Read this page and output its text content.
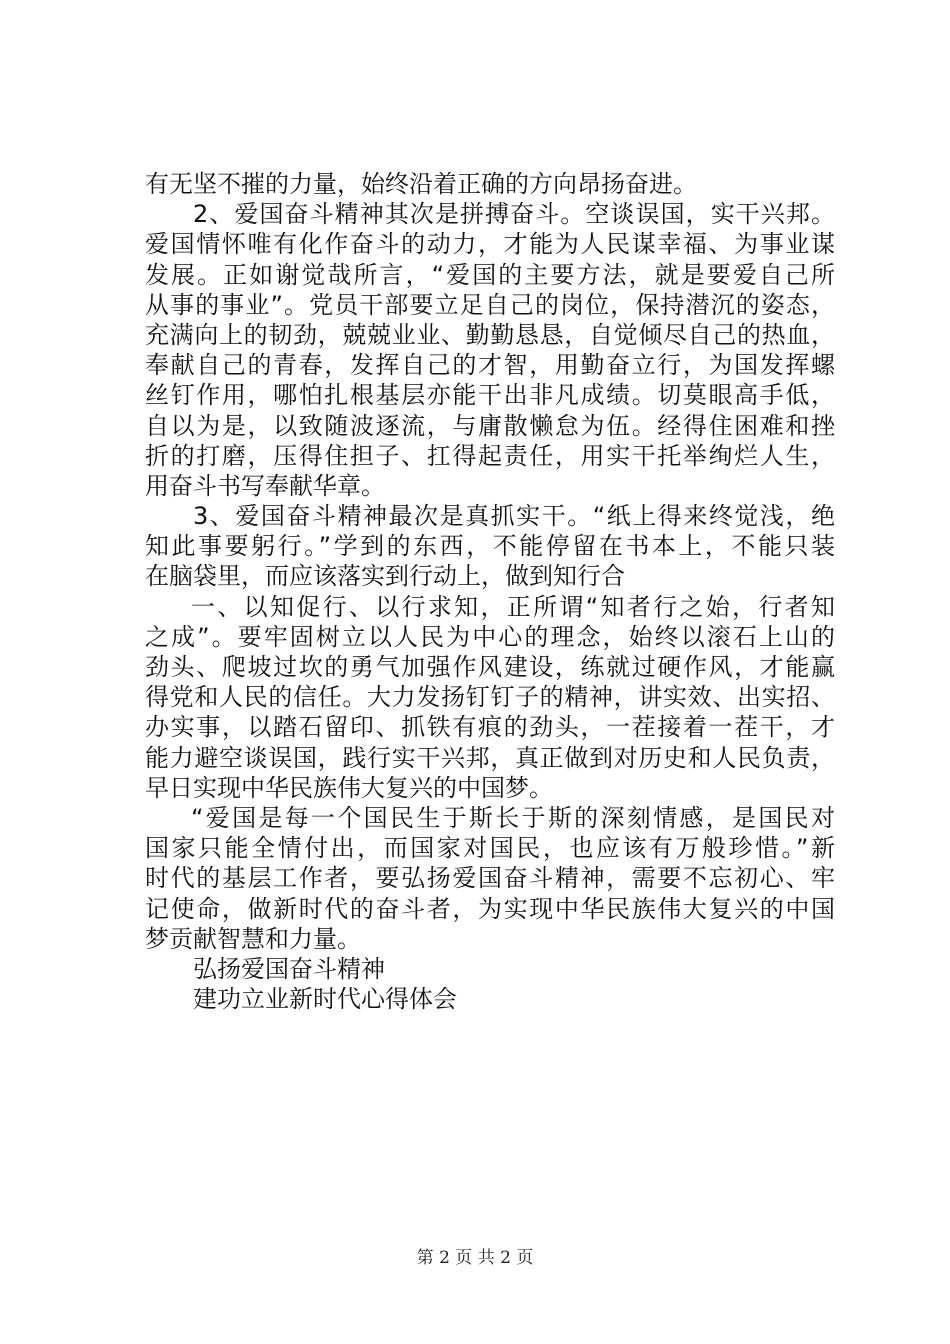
有无坚不摧的力量，始终沿着正确的方向昂扬奋进。
2、爱国奋斗精神其次是拼搏奋斗。空谈误国，实干兴邦。
爱国情怀唯有化作奋斗的动力，才能为人民谋幸福、为事业谋
发展。正如谢觉哉所言，“爱国的主要方法，就是要爱自己所
从事的事业”。党员干部要立足自己的岗位，保持潜沉的姿态，
充满向上的韧劲，兢兢业业、勤勤恳恳，自觉倾尽自己的热血，
奉献自己的青春，发挥自己的才智，用勤奋立行，为国发挥螺
丝钉作用，哪怕扎根基层亦能干出非凡成绩。切莫眼高手低，
自以为是，以致随波逐流，与庸散懒怠为伍。经得住困难和挫
折的打磨，压得住担子、扛得起责任，用实干托举绚烂人生，
用奋斗书写奉献华章。
3、爱国奋斗精神最次是真抓实干。“纸上得来终觉浅，绝
知此事要躬行。”学到的东西，不能停留在书本上，不能只装
在脑袋里，而应该落实到行动上，做到知行合
一、以知促行、以行求知，正所谓“知者行之始，行者知
之成”。要牢固树立以人民为中心的理念，始终以滚石上山的
劲头、爬坡过坎的勇气加强作风建设，练就过硬作风，才能赢
得党和人民的信任。大力发扬钉钉子的精神，讲实效、出实招、
办实事，以踏石留印、抓铁有痕的劲头，一茬接着一茬干，才
能力避空谈误国，践行实干兴邦，真正做到对历史和人民负责，
早日实现中华民族伟大复兴的中国梦。
“爱国是每一个国民生于斯长于斯的深刻情感，是国民对
国家只能全情付出，而国家对国民，也应该有万般珍惜。”新
时代的基层工作者，要弘扬爱国奋斗精神，需要不忘初心、牢
记使命，做新时代的奋斗者，为实现中华民族伟大复兴的中国
梦贡献智慧和力量。
弘扬爱国奋斗精神
建功立业新时代心得体会
第 2 页 共 2 页
